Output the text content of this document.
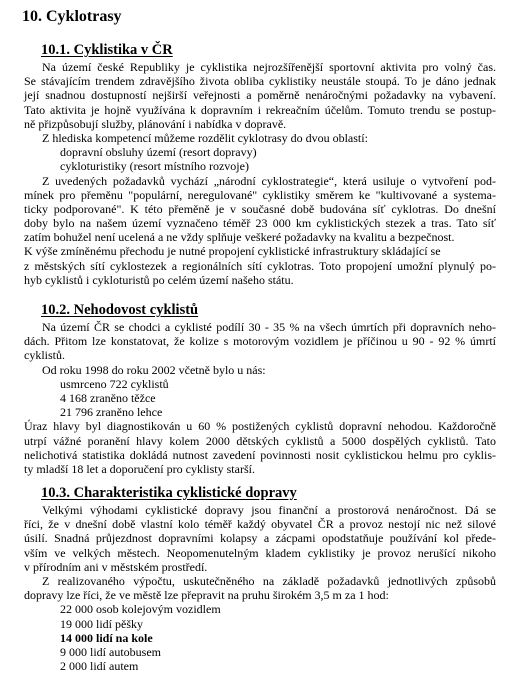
10. Cyklotrasy
10.1. Cyklistika v ČR
Na území české Republiky je cyklistika nejrozšířenější sportovní aktivita pro volný čas.
Se stávajícím trendem zdravějšího života obliba cyklistiky neustále stoupá. To je dáno jednak
její snadnou dostupností nejširší veřejnosti a poměrně nenáročnými požadavky na vybavení.
Tato aktivita je hojně využívána k dopravním i rekreačním účelům. Tomuto trendu se postup-
ně přizpůsobují služby, plánování i nabídka v dopravě.
Z hlediska kompetencí můžeme rozdělit cyklotrasy do dvou oblastí:
dopravní obsluhy území (resort dopravy)
cykloturistiky (resort místního rozvoje)
Z uvedených požadavků vychází „národní cyklostrategie“, která usiluje o vytvoření pod-
mínek pro přeměnu "populární, neregulované" cyklistiky směrem ke "kultivované a systema-
ticky podporované". K této přeměně je v současné době budována síť cyklotras. Do dnešní
doby bylo na našem území vyznačeno téměř 23 000 km cyklistických stezek a tras. Tato síť
zatím bohužel není ucelená a ne vždy splňuje veškeré požadavky na kvalitu a bezpečnost.
K výše zmíněnému přechodu je nutné propojení cyklistické infrastruktury skládající se
z městských sítí cyklostezek a regionálních sítí cyklotras. Toto propojení umožní plynulý po-
hyb cyklistů i cykloturistů po celém území našeho státu.
10.2. Nehodovost cyklistů
Na území ČR se chodci a cyklisté podílí 30 - 35 % na všech úmrtích při dopravních neho-
dách. Přitom lze konstatovat, že kolize s motorovým vozidlem je příčinou u 90 - 92 % úmrtí
cyklistů.
Od roku 1998 do roku 2002 včetně bylo u nás:
usmrceno 722 cyklistů
4 168 zraněno těžce
21 796 zraněno lehce
Úraz hlavy byl diagnostikován u 60 % postižených cyklistů dopravní nehodou. Každoročně
utrpí vážné poranění hlavy kolem 2000 dětských cyklistů a 5000 dospělých cyklistů. Tato
nelichotivá statistika dokládá nutnost zavedení povinnosti nosit cyklistickou helmu pro cyklis-
ty mladší 18 let a doporučení pro cyklisty starší.
10.3. Charakteristika cyklistické dopravy
Velkými výhodami cyklistické dopravy jsou finanční a prostorová nenáročnost. Dá se
říci, že v dnešní době vlastní kolo téměř každý obyvatel ČR a provoz nestojí nic než silové
úsilí. Snadná průjezdnost dopravními kolapsy a zácpami opodstatňuje používání kol přede-
vším ve velkých městech. Neopomenutelným kladem cyklistiky je provoz nerušící nikoho
v přírodním ani v městském prostředí.
Z realizovaného výpočtu, uskutečněného na základě požadavků jednotlivých způsobů
dopravy lze říci, že ve městě lze přepravit na pruhu širokém 3,5 m za 1 hod:
22 000 osob kolejovým vozidlem
19 000 lidí pěšky
14 000 lidí na kole
9 000 lidí autobusem
2 000 lidí autem
